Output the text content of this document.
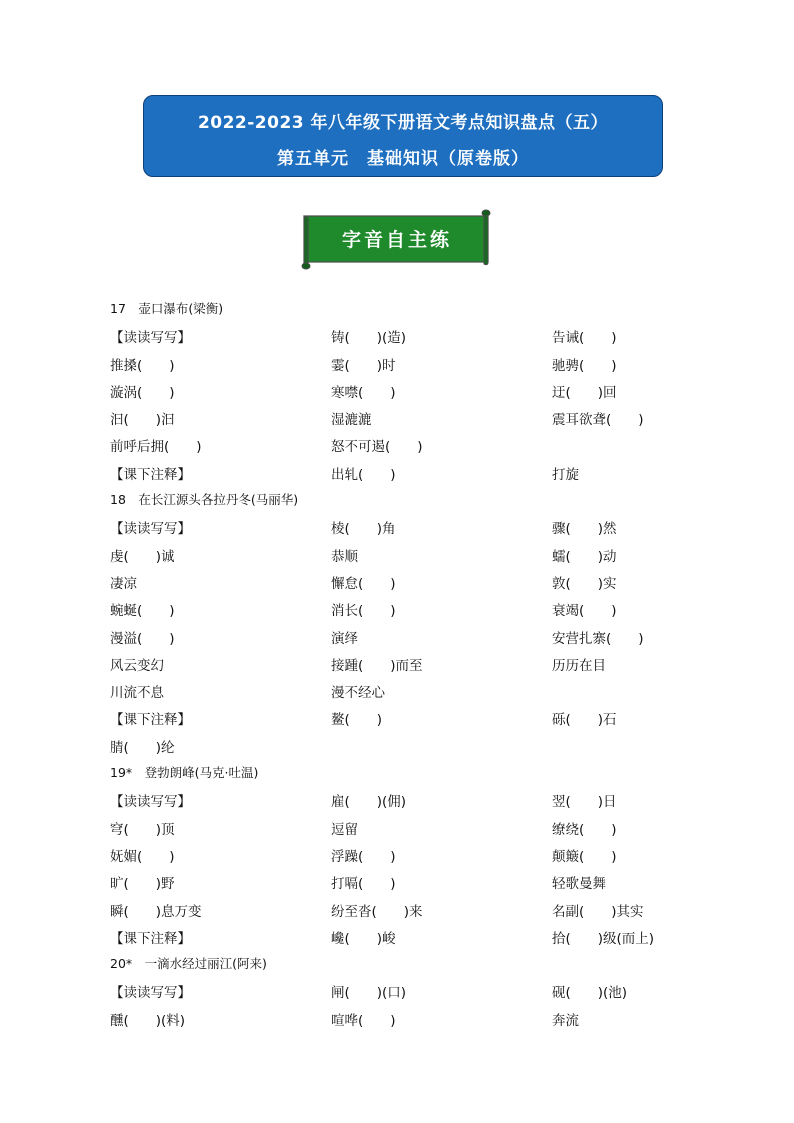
2022-2023 年八年级下册语文考点知识盘点（五）
第五单元　基础知识（原卷版）
字音自主练
17　壶口瀑布(梁衡)
【读读写写】	铸(　　)(造)	告诫(　　)
推搡(　　)	霎(　　)时	驰骋(　　)
漩涡(　　)	寒噤(　　)	迂(　　)回
汩(　　)汩	湿漉漉	震耳欲聋(　　)
前呼后拥(　　)	怒不可遏(　　)
【课下注释】	出轧(　　)	打旋
18　在长江源头各拉丹冬(马丽华)
【读读写写】	棱(　　)角	骤(　　)然
虔(　　)诚	恭顺	蠕(　　)动
凄凉	懈怠(　　)	敦(　　)实
蜿蜒(　　)	消长(　　)	衰竭(　　)
漫溢(　　)	演绎	安营扎寨(　　)
风云变幻	接踵(　　)而至	历历在目
川流不息	漫不经心
【课下注释】	鳌(　　)	砾(　　)石
腈(　　)纶
19*　登勃朗峰(马克·吐温)
【读读写写】	雇(　　)(佣)	翌(　　)日
穹(　　)顶	逗留	缭绕(　　)
妩媚(　　)	浮躁(　　)	颠簸(　　)
旷(　　)野	打嗝(　　)	轻歌曼舞
瞬(　　)息万变	纷至沓(　　)来	名副(　　)其实
【课下注释】	巉(　　)峻	拾(　　)级(而上)
20*　一滴水经过丽江(阿来)
【读读写写】	闸(　　)(口)	砚(　　)(池)
醺(　　)(料)	喧哗(　　)	奔流
